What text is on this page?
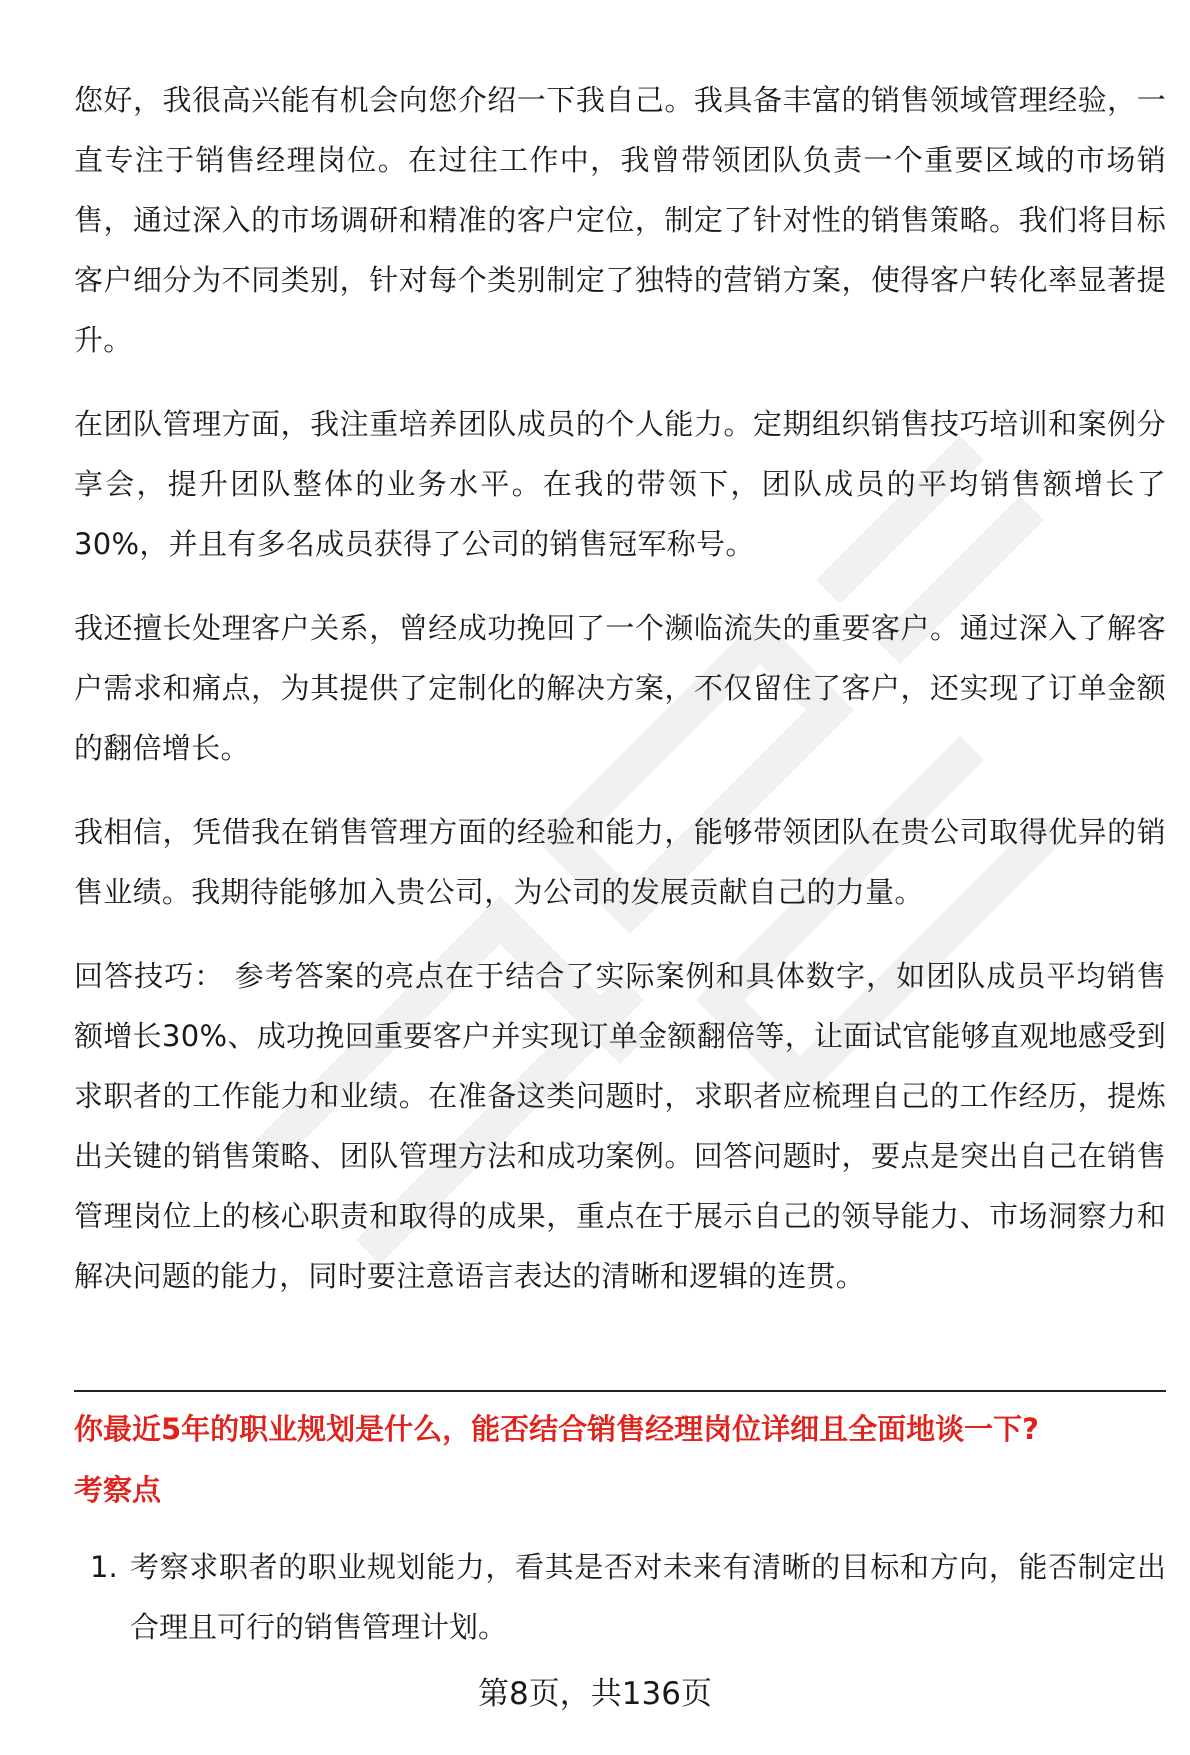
您好，我很高兴能有机会向您介绍一下我自己。我具备丰富的销售领域管理经验，一直专注于销售经理岗位。在过往工作中，我曾带领团队负责一个重要区域的市场销售，通过深入的市场调研和精准的客户定位，制定了针对性的销售策略。我们将目标客户细分为不同类别，针对每个类别制定了独特的营销方案，使得客户转化率显著提升。

在团队管理方面，我注重培养团队成员的个人能力。定期组织销售技巧培训和案例分享会，提升团队整体的业务水平。在我的带领下，团队成员的平均销售额增长了30%，并且有多名成员获得了公司的销售冠军称号。

我还擅长处理客户关系，曾经成功挽回了一个濒临流失的重要客户。通过深入了解客户需求和痛点，为其提供了定制化的解决方案，不仅留住了客户，还实现了订单金额的翻倍增长。

我相信，凭借我在销售管理方面的经验和能力，能够带领团队在贵公司取得优异的销售业绩。我期待能够加入贵公司，为公司的发展贡献自己的力量。

回答技巧： 参考答案的亮点在于结合了实际案例和具体数字，如团队成员平均销售额增长30%、成功挽回重要客户并实现订单金额翻倍等，让面试官能够直观地感受到求职者的工作能力和业绩。在准备这类问题时，求职者应梳理自己的工作经历，提炼出关键的销售策略、团队管理方法和成功案例。回答问题时，要点是突出自己在销售管理岗位上的核心职责和取得的成果，重点在于展示自己的领导能力、市场洞察力和解决问题的能力，同时要注意语言表达的清晰和逻辑的连贯。

你最近5年的职业规划是什么，能否结合销售经理岗位详细且全面地谈一下?
考察点
1. 考察求职者的职业规划能力，看其是否对未来有清晰的目标和方向，能否制定出合理且可行的销售管理计划。
第8页，共136页
